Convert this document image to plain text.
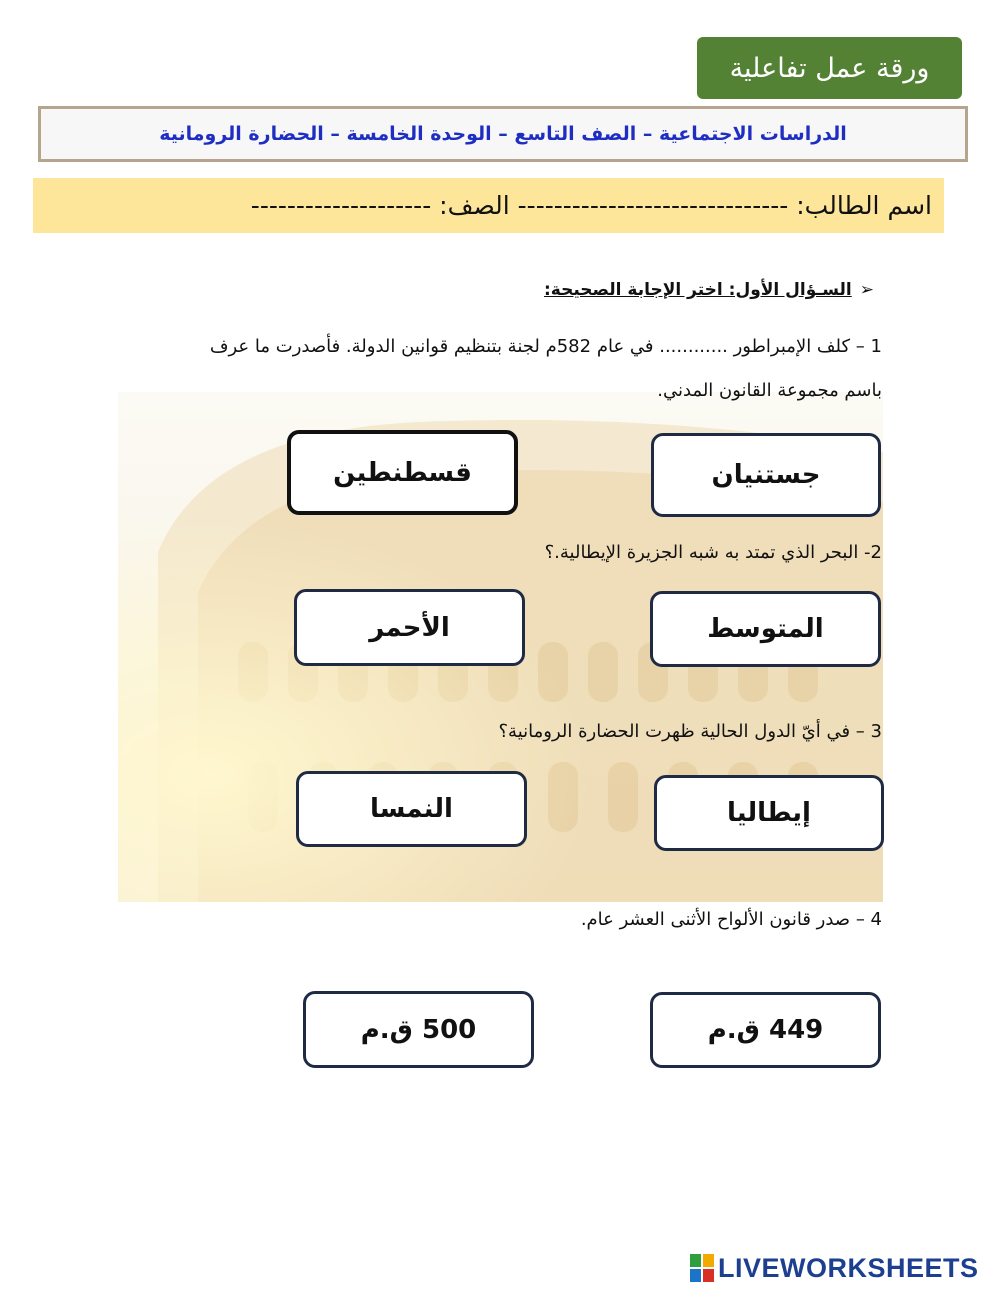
ورقة عمل تفاعلية
الدراسات الاجتماعية – الصف التاسع – الوحدة الخامسة – الحضارة الرومانية
اسم الطالب: ------------------------------ الصف: --------------------
➢
السـؤال الأول: اختر الإجابة الصحيحة:
1 – كلف الإمبراطور ............ في عام 582م لجنة بتنظيم قوانين الدولة. فأصدرت ما عرف
باسم مجموعة القانون المدني.
جستنيان
قسطنطين
2- البحر الذي تمتد به شبه الجزيرة الإيطالية.؟
المتوسط
الأحمر
3 – في أيّ الدول الحالية ظهرت الحضارة الرومانية؟
إيطاليا
النمسا
4 – صدر قانون الألواح الأثنى العشر عام.
449 ق.م
500 ق.م
LIVEWORKSHEETS
